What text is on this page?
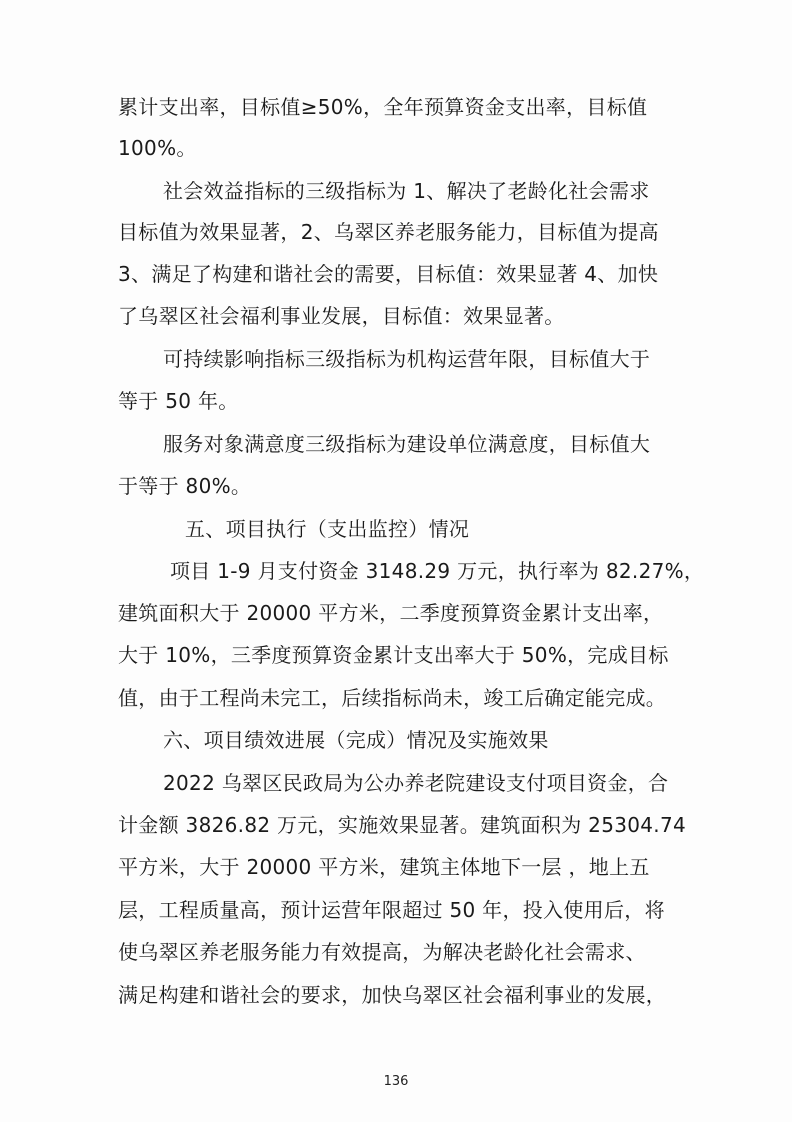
累计支出率，目标值≥50%，全年预算资金支出率，目标值
100%。
社会效益指标的三级指标为 1、解决了老龄化社会需求
目标值为效果显著，2、乌翠区养老服务能力，目标值为提高
3、满足了构建和谐社会的需要，目标值：效果显著 4、加快
了乌翠区社会福利事业发展，目标值：效果显著。
可持续影响指标三级指标为机构运营年限，目标值大于
等于 50 年。
服务对象满意度三级指标为建设单位满意度，目标值大
于等于 80%。
五、项目执行（支出监控）情况
项目 1-9 月支付资金 3148.29 万元，执行率为 82.27%，
建筑面积大于 20000 平方米，二季度预算资金累计支出率，
大于 10%，三季度预算资金累计支出率大于 50%，完成目标
值，由于工程尚未完工，后续指标尚未，竣工后确定能完成。
六、项目绩效进展（完成）情况及实施效果
2022 乌翠区民政局为公办养老院建设支付项目资金，合
计金额 3826.82 万元，实施效果显著。建筑面积为 25304.74
平方米，大于 20000 平方米，建筑主体地下一层 ，地上五
层，工程质量高，预计运营年限超过 50 年，投入使用后，将
使乌翠区养老服务能力有效提高，为解决老龄化社会需求、
满足构建和谐社会的要求，加快乌翠区社会福利事业的发展，
136
